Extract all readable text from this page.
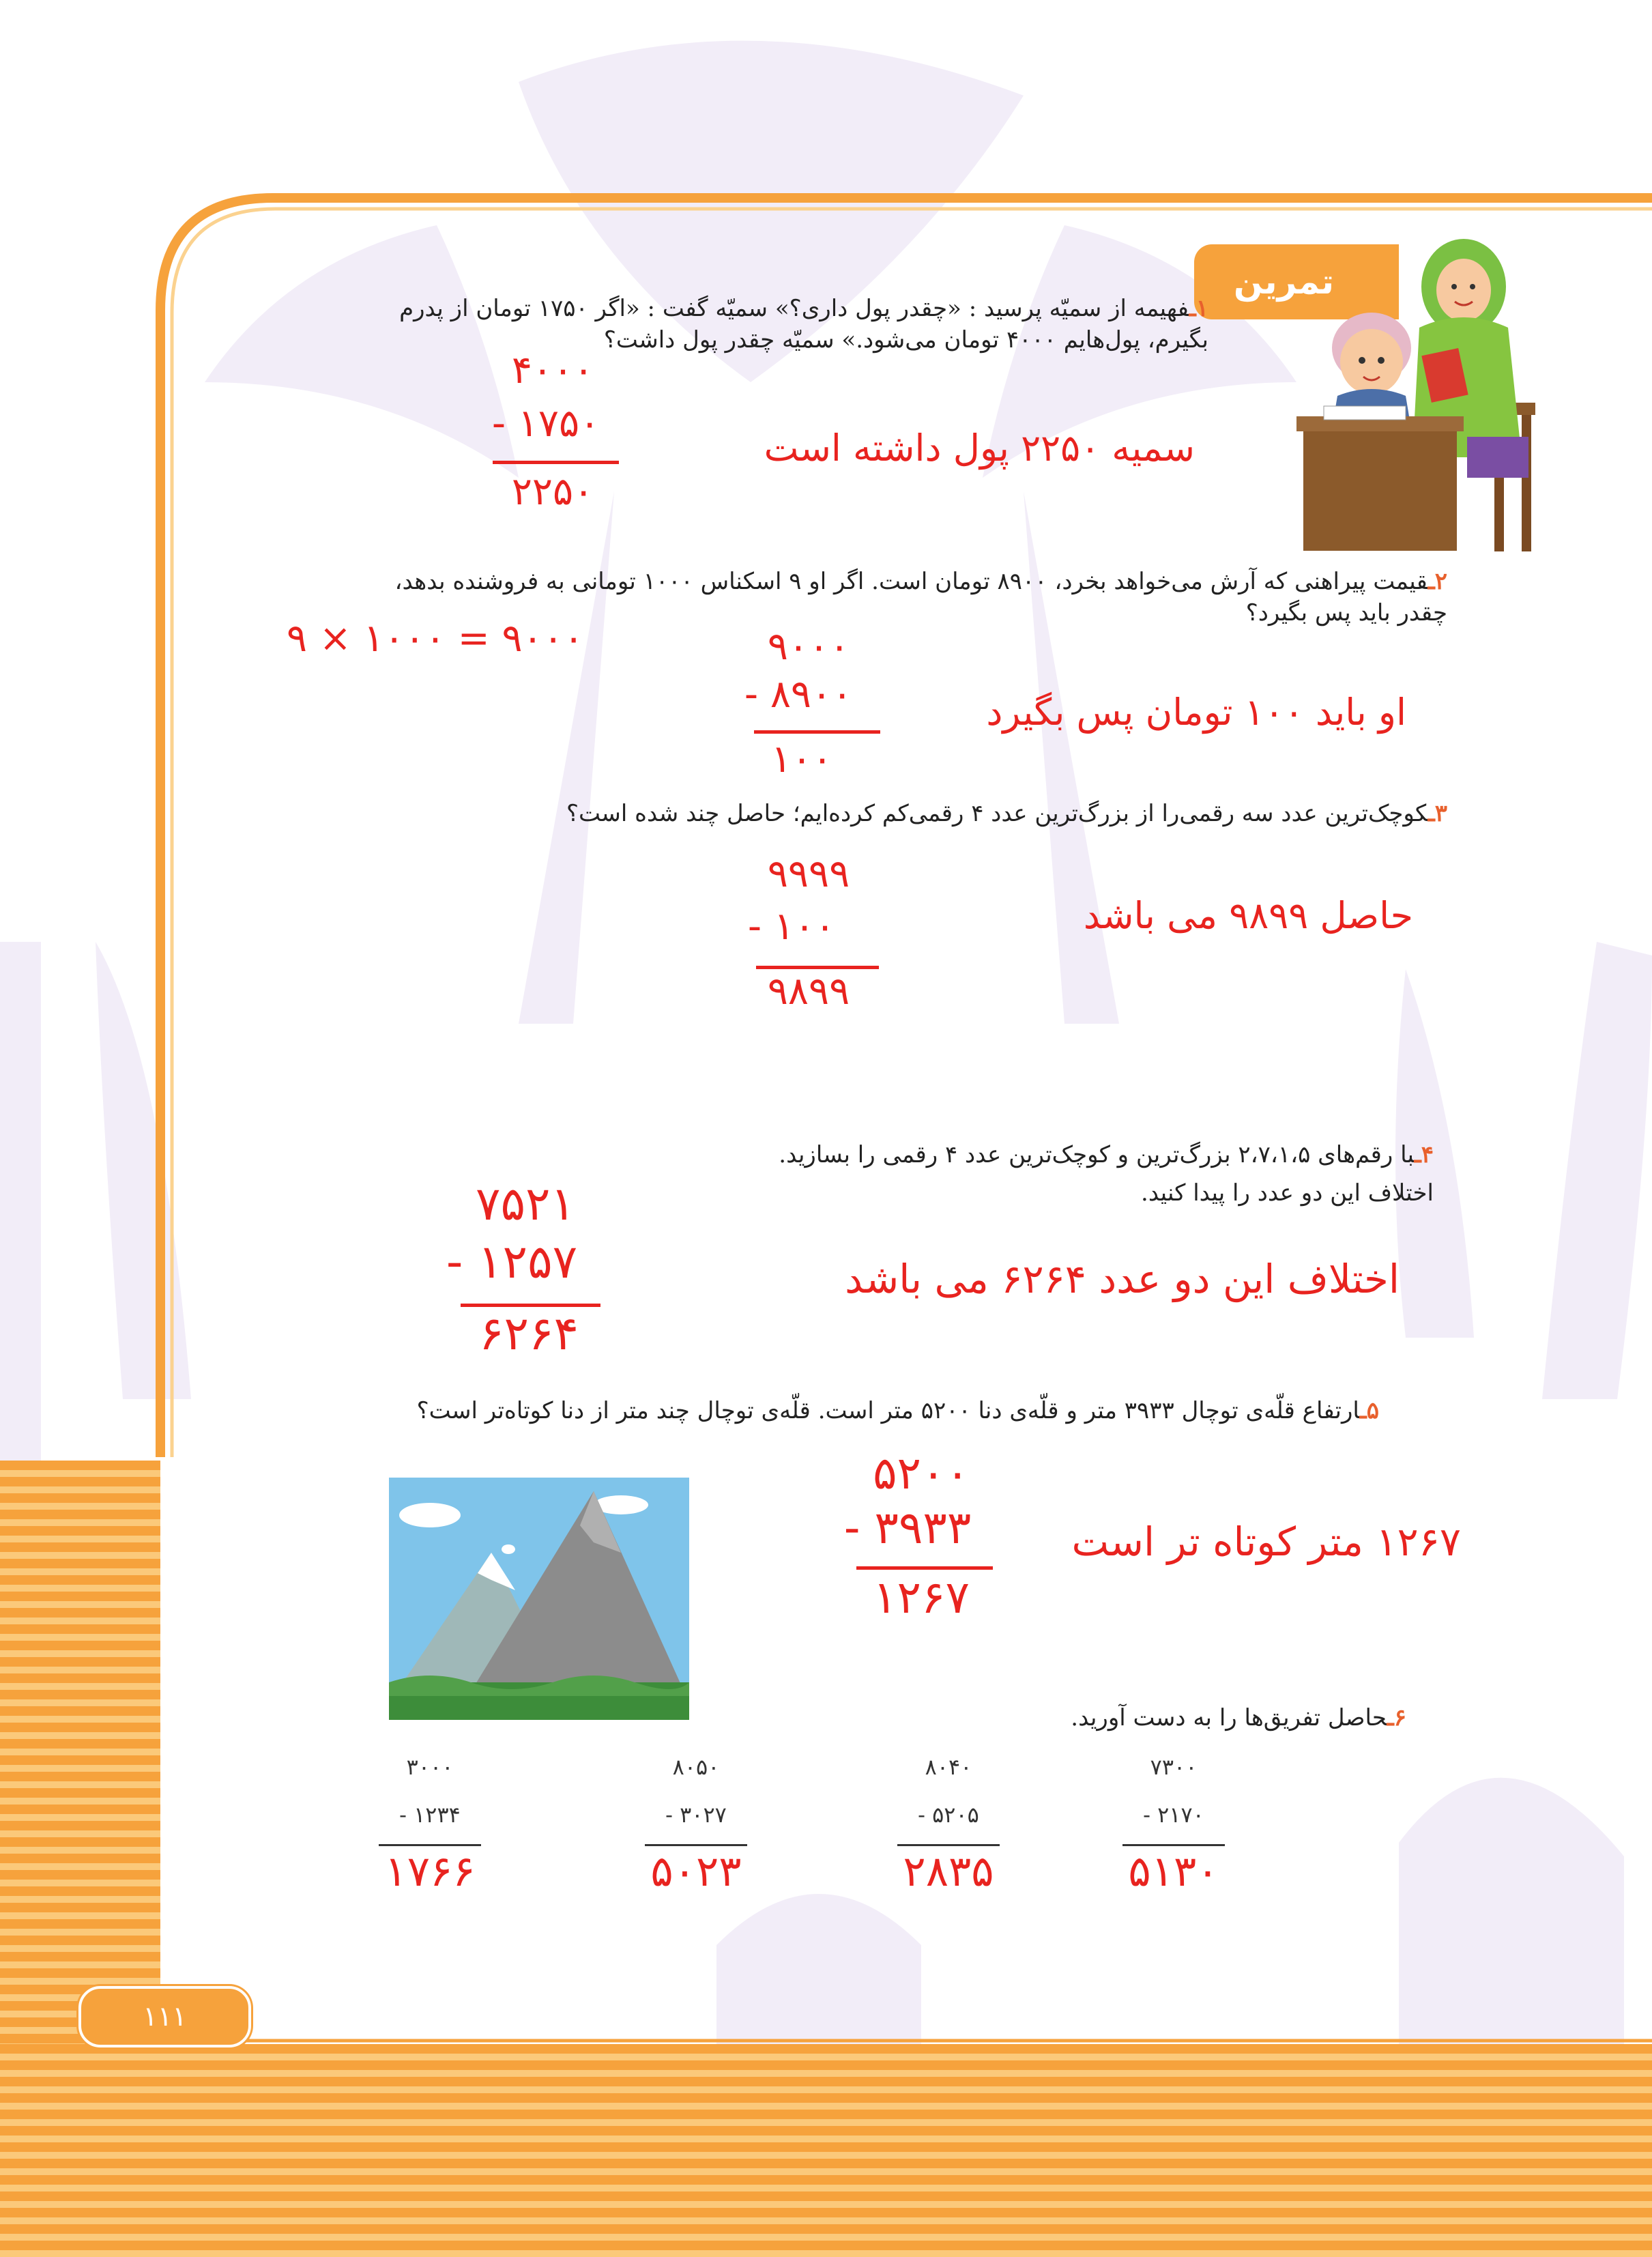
۱۱۱
تمرین
۱ـفهیمه از سمیّه پرسید : «چقدر پول داری؟» سمیّه گفت : «اگر ۱۷۵۰ تومان از پدرم
بگیرم، پول‌هایم ۴۰۰۰ تومان می‌شود.» سمیّه چقدر پول داشت؟
۴۰۰۰
- ۱۷۵۰
۲۲۵۰
سمیه ۲۲۵۰ پول داشته است
۲ـقیمت پیراهنی که آرش می‌خواهد بخرد، ۸۹۰۰ تومان است. اگر او ۹ اسکناس ۱۰۰۰ تومانی به فروشنده بدهد،
چقدر باید پس بگیرد؟
۹ × ۱۰۰۰ = ۹۰۰۰	۹۰۰۰
- ۸۹۰۰
۱۰۰
او باید ۱۰۰ تومان پس بگیرد
۳ـکوچک‌ترین عدد سه رقمی‌را از بزرگ‌ترین عدد ۴ رقمی‌کم کرده‌ایم؛ حاصل چند شده است؟
۹۹۹۹
- ۱۰۰
۹۸۹۹
حاصل ۹۸۹۹ می باشد
۴ـبا رقم‌های ۲،۷،۱،۵ بزرگ‌ترین و کوچک‌ترین عدد ۴ رقمی را بسازید.
اختلاف این دو عدد را پیدا کنید.
۷۵۲۱
- ۱۲۵۷
۶۲۶۴
اختلاف این دو عدد ۶۲۶۴ می باشد
۵ـارتفاع قلّه‌ی توچال ۳۹۳۳ متر و قلّه‌ی دنا ۵۲۰۰ متر است. قلّه‌ی توچال چند متر از دنا کوتاه‌تر است؟
۵۲۰۰
- ۳۹۳۳
۱۲۶۷
۱۲۶۷ متر کوتاه تر است
۶ـحاصل تفریق‌ها را به دست آورید.
۷۳۰۰
- ۲۱۷۰
۵۱۳۰
۸۰۴۰
- ۵۲۰۵
۲۸۳۵
۸۰۵۰
- ۳۰۲۷
۵۰۲۳
۳۰۰۰
- ۱۲۳۴
۱۷۶۶
